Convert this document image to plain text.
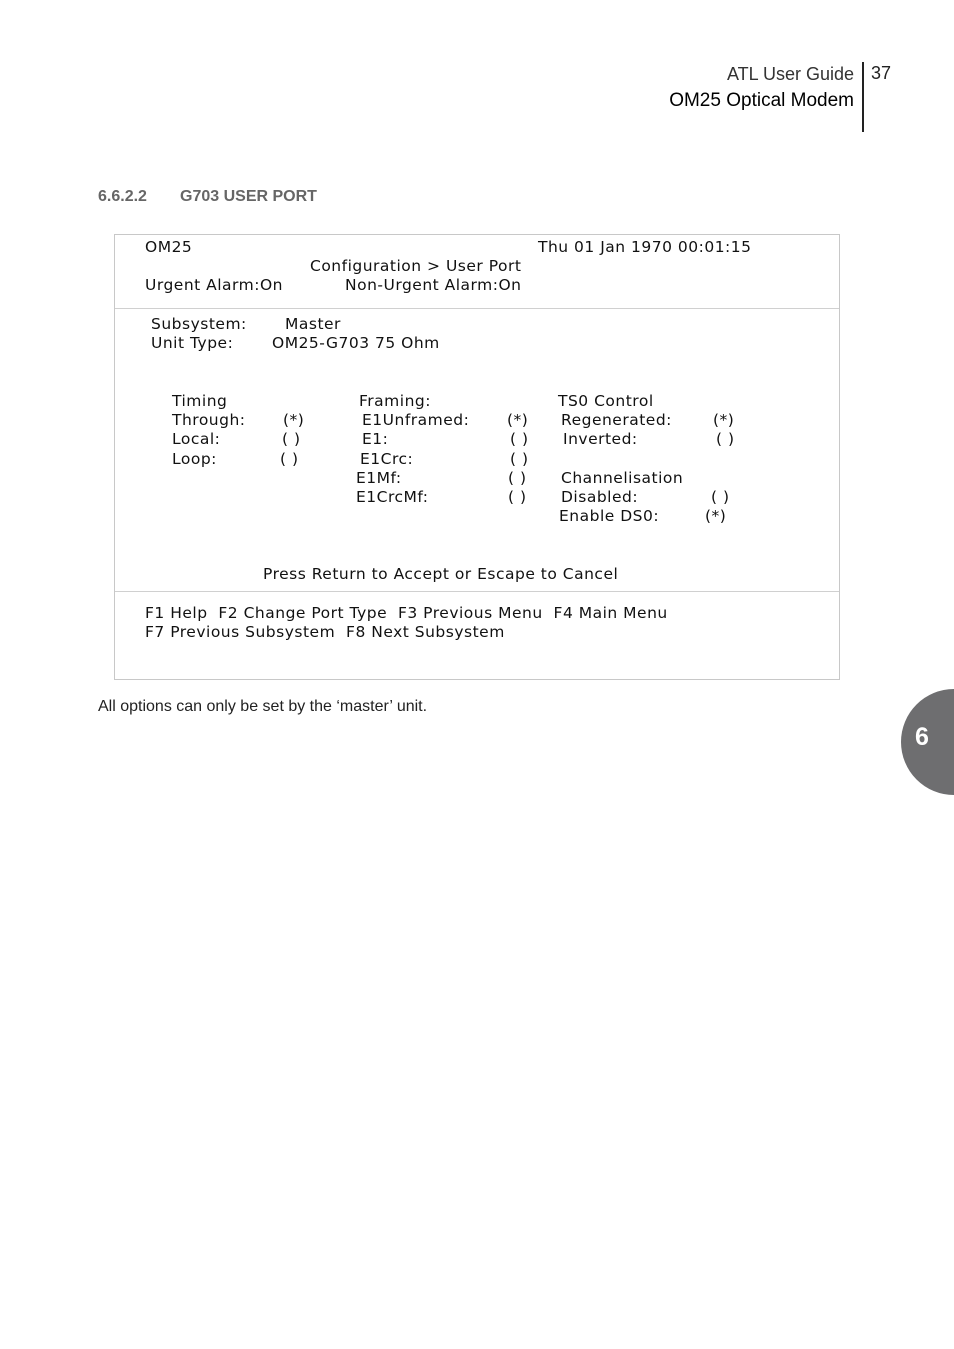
ATL User Guide
OM25 Optical Modem
37
6.6.2.2 G703 USER PORT
OM25	Thu 01 Jan 1970 00:01:15
Configuration > User Port
Urgent Alarm:On	Non-Urgent Alarm:On
Subsystem: Master
Unit Type: OM25-G703 75 Ohm
Timing
Through: (*)
Local:	( )
Loop:	( )
Framing:
E1Unframed: (*)
E1:	( )
E1Crc:	( )
E1Mf:	( )
E1CrcMf:	( )
TS0 Control
Regenerated:	(*)
Inverted:	( )
Channelisation
Disabled:	( )
Enable DS0:	(*)
Press Return to Accept or Escape to Cancel
F1 Help  F2 Change Port Type  F3 Previous Menu  F4 Main Menu
F7 Previous Subsystem  F8 Next Subsystem
All options can only be set by the ‘master’ unit.
6
